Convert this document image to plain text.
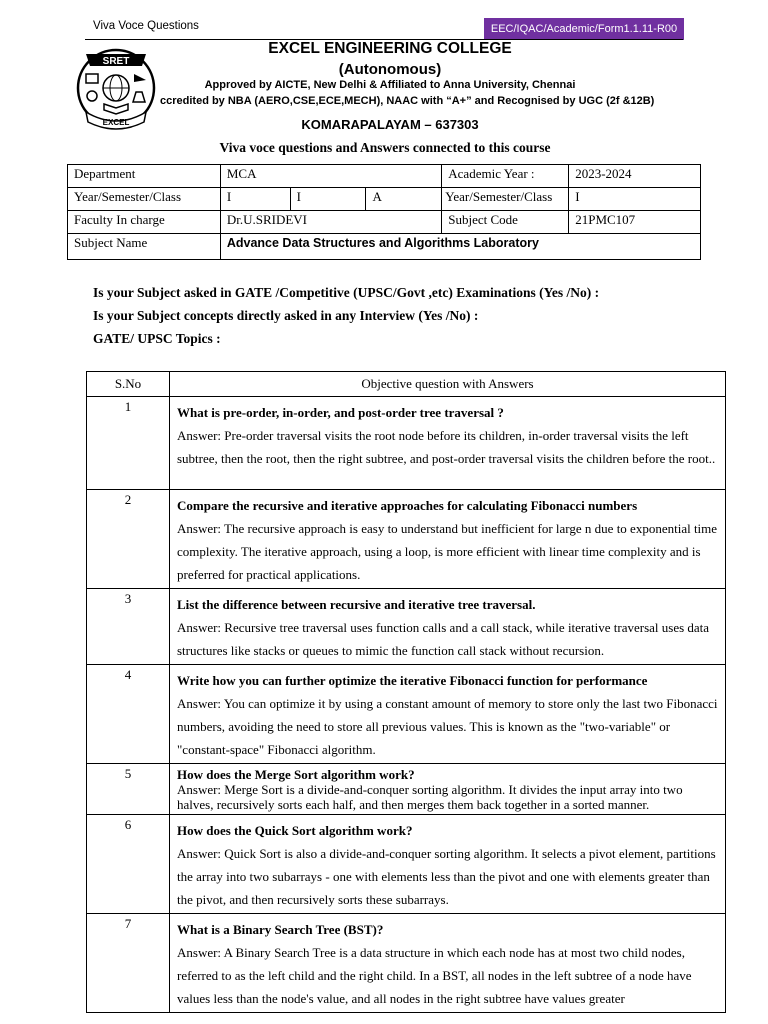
Viva Voce Questions	EEC/IQAC/Academic/Form1.1.11-R00
SRET
EXCEL
EXCEL ENGINEERING COLLEGE
(Autonomous)
Approved by AICTE, New Delhi & Affiliated to Anna University, Chennai
ccredited by NBA (AERO,CSE,ECE,MECH), NAAC with “A+” and Recognised by UGC (2f &12B)
KOMARAPALAYAM – 637303
Viva voce questions and Answers connected to this course
Department	MCA			Academic Year :	2023-2024
Year/Semester/Class	I	I	A	Year/Semester/Class	I
Faculty In charge	Dr.U.SRIDEVI			Subject Code	21PMC107
Subject Name	Advance Data Structures and Algorithms Laboratory				
Is your Subject asked in GATE /Competitive (UPSC/Govt ,etc) Examinations (Yes /No) :
Is your Subject concepts directly asked in any Interview (Yes /No) :
GATE/ UPSC Topics :
S.No	Objective question with Answers
1	What is pre-order, in-order, and post-order tree traversal ?
Answer: Pre-order traversal visits the root node before its children, in-order traversal visits the left subtree, then the root, then the right subtree, and post-order traversal visits the children before the root..

2	Compare the recursive and iterative approaches for calculating Fibonacci numbers
Answer: The recursive approach is easy to understand but inefficient for large n due to exponential time complexity. The iterative approach, using a loop, is more efficient with linear time complexity and is preferred for practical applications.

3	List the difference between recursive and iterative tree traversal.
Answer: Recursive tree traversal uses function calls and a call stack, while iterative traversal uses data structures like stacks or queues to mimic the function call stack without recursion.

4	Write how you can further optimize the iterative Fibonacci function for performance
Answer: You can optimize it by using a constant amount of memory to store only the last two Fibonacci numbers, avoiding the need to store all previous values. This is known as the "two-variable" or "constant-space" Fibonacci algorithm.

5	How does the Merge Sort algorithm work?
Answer: Merge Sort is a divide-and-conquer sorting algorithm. It divides the input array into two halves, recursively sorts each half, and then merges them back together in a sorted manner.

6	How does the Quick Sort algorithm work?
Answer: Quick Sort is also a divide-and-conquer sorting algorithm. It selects a pivot element, partitions the array into two subarrays - one with elements less than the pivot and one with elements greater than the pivot, and then recursively sorts these subarrays.

7	What is a Binary Search Tree (BST)?
Answer: A Binary Search Tree is a data structure in which each node has at most two child nodes, referred to as the left child and the right child. In a BST, all nodes in the left subtree of a node have values less than the node's value, and all nodes in the right subtree have values greater
